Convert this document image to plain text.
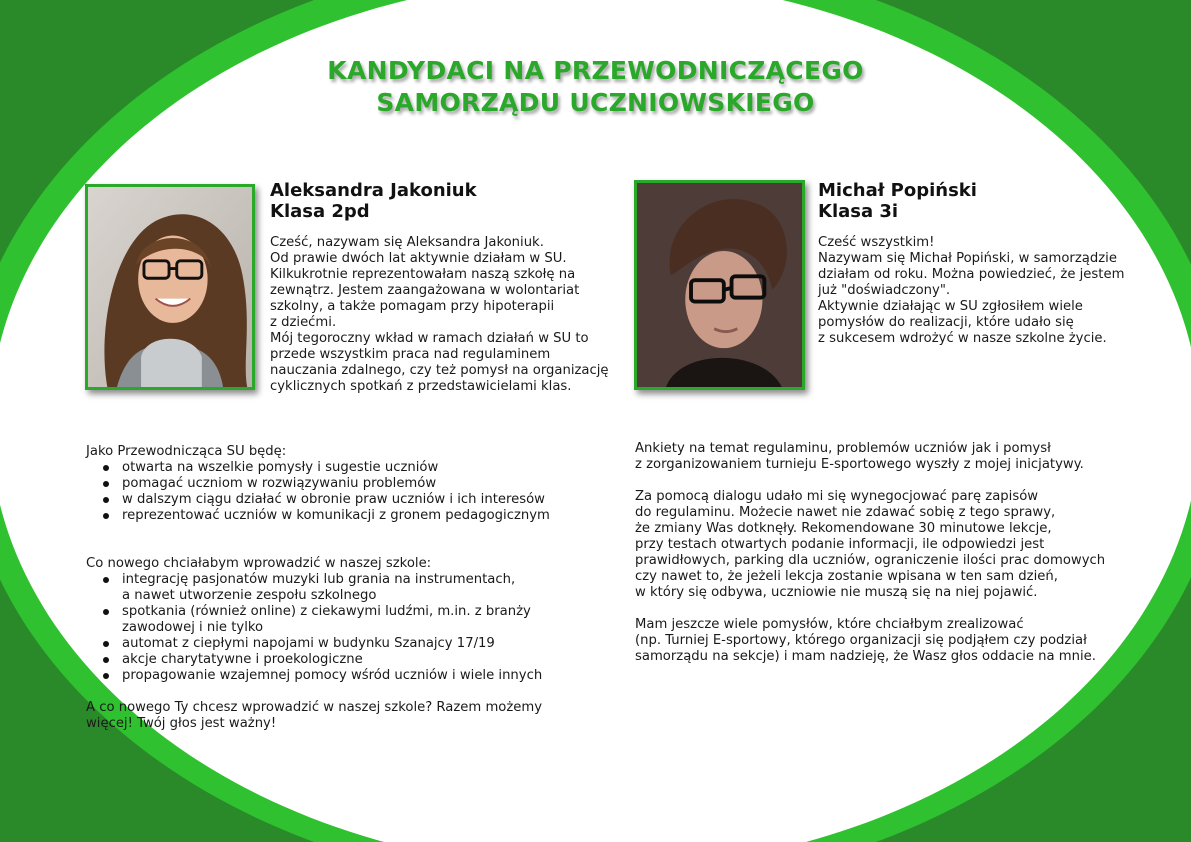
KANDYDACI NA PRZEWODNICZĄCEGO
SAMORZĄDU UCZNIOWSKIEGO
Aleksandra Jakoniuk
Klasa 2pd
Cześć, nazywam się Aleksandra Jakoniuk.
Od prawie dwóch lat aktywnie działam w SU.
Kilkukrotnie reprezentowałam naszą szkołę na
zewnątrz. Jestem zaangażowana w wolontariat
szkolny, a także pomagam przy hipoterapii
z dziećmi.
Mój tegoroczny wkład w ramach działań w SU to
przede wszystkim praca nad regulaminem
nauczania zdalnego, czy też pomysł na organizację
cyklicznych spotkań z przedstawicielami klas.
Jako Przewodnicząca SU będę:
otwarta na wszelkie pomysły i sugestie uczniów
pomagać uczniom w rozwiązywaniu problemów
w dalszym ciągu działać w obronie praw uczniów i ich interesów
reprezentować uczniów w komunikacji z gronem pedagogicznym
Co nowego chciałabym wprowadzić w naszej szkole:
integrację pasjonatów muzyki lub grania na instrumentach,
a nawet utworzenie zespołu szkolnego
spotkania (również online) z ciekawymi ludźmi, m.in. z branży
zawodowej i nie tylko
automat z ciepłymi napojami w budynku Szanajcy 17/19
akcje charytatywne i proekologiczne
propagowanie wzajemnej pomocy wśród uczniów i wiele innych
A co nowego Ty chcesz wprowadzić w naszej szkole? Razem możemy
więcej! Twój głos jest ważny!
Michał Popiński
Klasa 3i
Cześć wszystkim!
Nazywam się Michał Popiński, w samorządzie
działam od roku. Można powiedzieć, że jestem
już "doświadczony".
Aktywnie działając w SU zgłosiłem wiele
pomysłów do realizacji, które udało się
z sukcesem wdrożyć w nasze szkolne życie.
Ankiety na temat regulaminu, problemów uczniów jak i pomysł
z zorganizowaniem turnieju E-sportowego wyszły z mojej inicjatywy.
Za pomocą dialogu udało mi się wynegocjować parę zapisów
do regulaminu. Możecie nawet nie zdawać sobię z tego sprawy,
że zmiany Was dotknęły. Rekomendowane 30 minutowe lekcje,
przy testach otwartych podanie informacji, ile odpowiedzi jest
prawidłowych, parking dla uczniów, ograniczenie ilości prac domowych
czy nawet to, że jeżeli lekcja zostanie wpisana w ten sam dzień,
w który się odbywa, uczniowie nie muszą się na niej pojawić.
Mam jeszcze wiele pomysłów, które chciałbym zrealizować
(np. Turniej E-sportowy, którego organizacji się podjąłem czy podział
samorządu na sekcje) i mam nadzieję, że Wasz głos oddacie na mnie.
